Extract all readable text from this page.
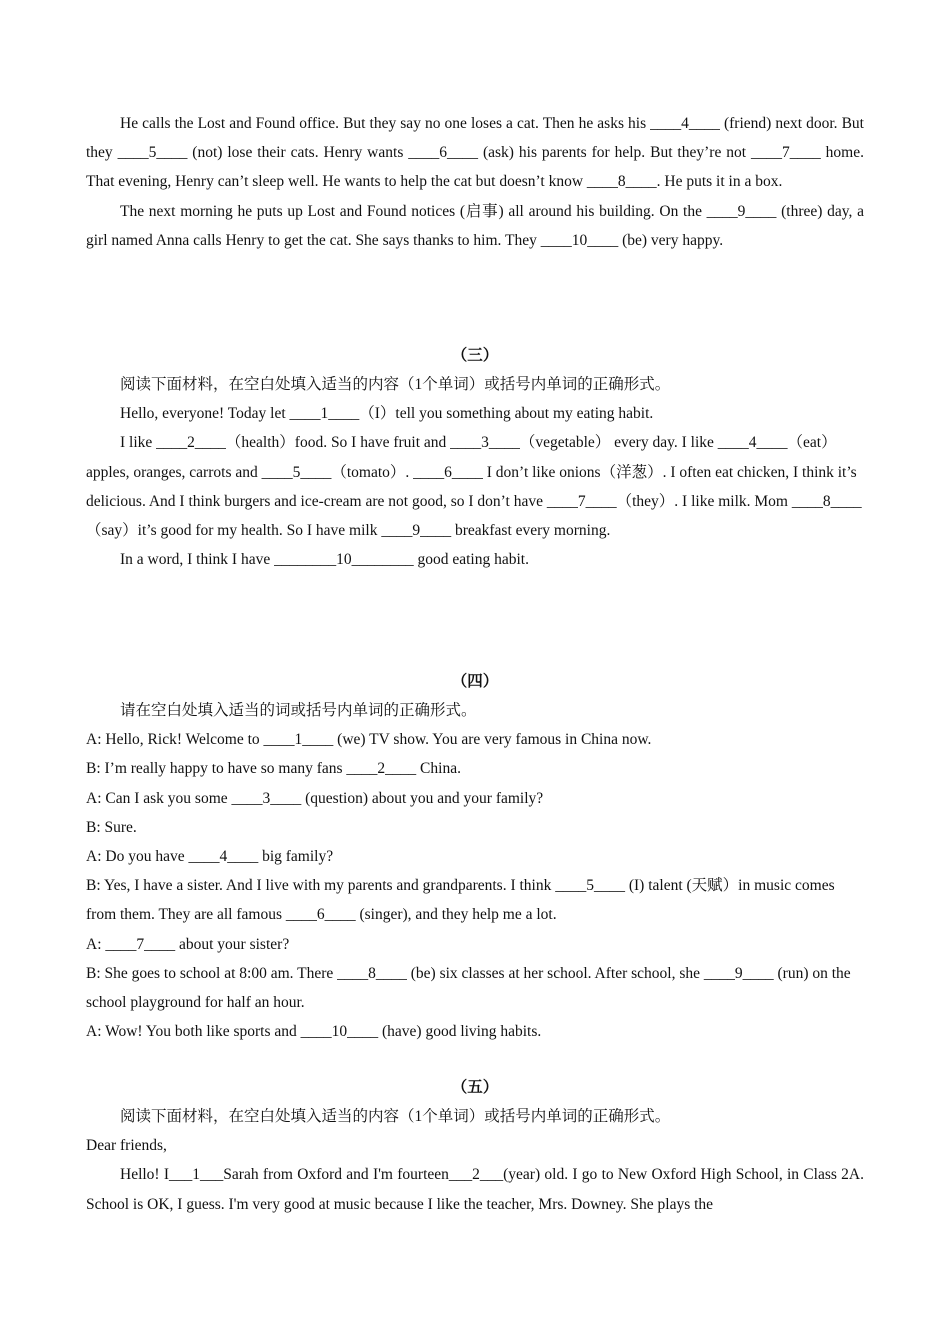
He calls the Lost and Found office. But they say no one loses a cat. Then he asks his ____4____ (friend) next door. But they ____5____ (not) lose their cats. Henry wants ____6____ (ask) his parents for help. But they’re not ____7____ home. That evening, Henry can’t sleep well. He wants to help the cat but doesn’t know ____8____. He puts it in a box.

The next morning he puts up Lost and Found notices (启事) all around his building. On the ____9____ (three) day, a girl named Anna calls Henry to get the cat. She says thanks to him. They ____10____ (be) very happy.

（三）

阅读下面材料，在空白处填入适当的内容（1个单词）或括号内单词的正确形式。

Hello, everyone! Today let ____1____（I）tell you something about my eating habit.

I like ____2____（health）food. So I have fruit and ____3____（vegetable） every day. I like ____4____（eat）apples, oranges, carrots and ____5____（tomato）. ____6____ I don’t like onions（洋葱）. I often eat chicken, I think it’s delicious. And I think burgers and ice-cream are not good, so I don’t have ____7____（they）. I like milk. Mom ____8____（say）it’s good for my health. So I have milk ____9____ breakfast every morning.

In a word, I think I have ________10________ good eating habit.

（四）

请在空白处填入适当的词或括号内单词的正确形式。

A: Hello, Rick! Welcome to ____1____ (we) TV show. You are very famous in China now.

B: I’m really happy to have so many fans ____2____ China.

A: Can I ask you some ____3____ (question) about you and your family?

B: Sure.

A: Do you have ____4____ big family?

B: Yes, I have a sister. And I live with my parents and grandparents. I think ____5____ (I) talent (天赋）in music comes from them. They are all famous ____6____ (singer), and they help me a lot.

A: ____7____ about your sister?

B: She goes to school at 8:00 am. There ____8____ (be) six classes at her school. After school, she ____9____ (run) on the school playground for half an hour.

A: Wow! You both like sports and ____10____ (have) good living habits.

（五）

阅读下面材料，在空白处填入适当的内容（1个单词）或括号内单词的正确形式。

Dear friends,

Hello! I___1___Sarah from Oxford and I'm fourteen___2___(year) old. I go to New Oxford High School, in Class 2A. School is OK, I guess. I'm very good at music because I like the teacher, Mrs. Downey. She plays the
